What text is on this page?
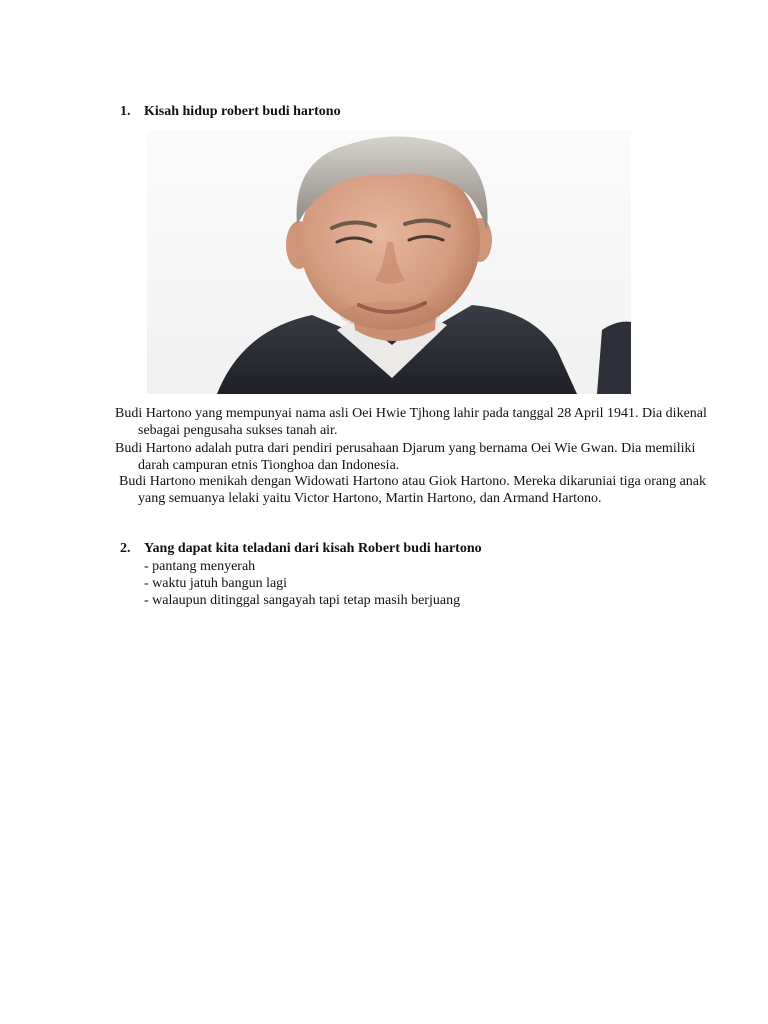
1. Kisah hidup robert budi hartono
Budi Hartono yang mempunyai nama asli Oei Hwie Tjhong lahir pada tanggal 28 April 1941. Dia dikenal sebagai pengusaha sukses tanah air.
Budi Hartono adalah putra dari pendiri perusahaan Djarum yang bernama Oei Wie Gwan. Dia memiliki darah campuran etnis Tionghoa dan Indonesia.
Budi Hartono menikah dengan Widowati Hartono atau Giok Hartono. Mereka dikaruniai tiga orang anak yang semuanya lelaki yaitu Victor Hartono, Martin Hartono, dan Armand Hartono.
2. Yang dapat kita teladani dari kisah Robert budi hartono
- pantang menyerah
- waktu jatuh bangun lagi
- walaupun ditinggal sangayah tapi tetap masih berjuang
